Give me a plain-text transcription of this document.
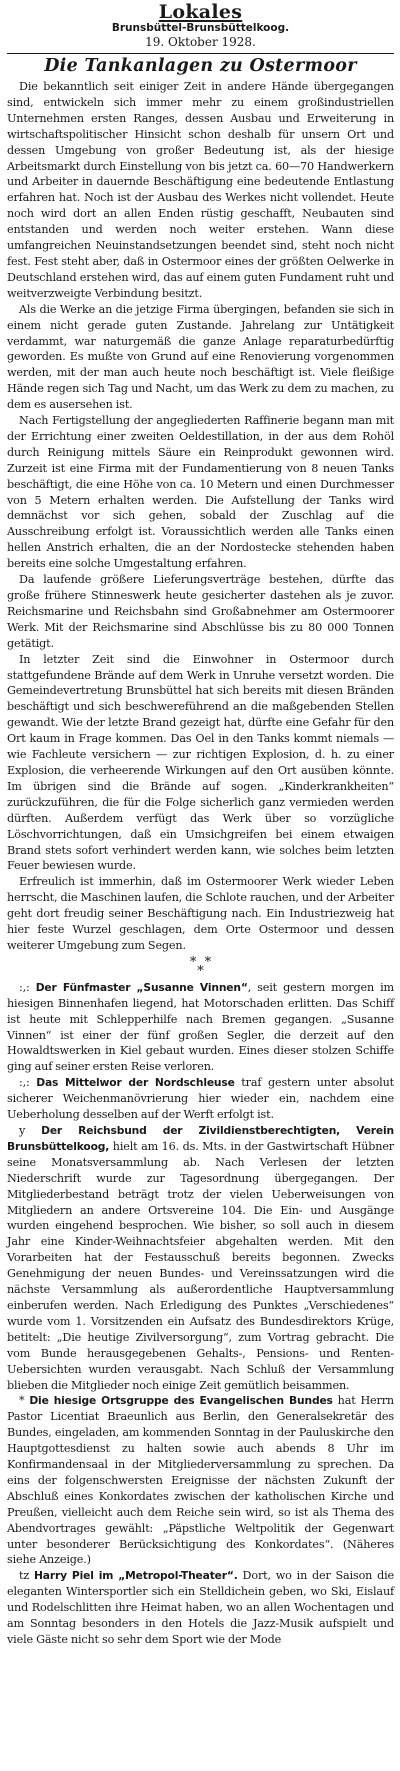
Lokales
Brunsbüttel-Brunsbüttelkoog.
19. Oktober 1928.
Die Tankanlagen zu Ostermoor

Die bekanntlich seit einiger Zeit in andere Hände übergegangen sind, entwickeln sich immer mehr zu einem großindustriellen Unternehmen ersten Ranges, dessen Ausbau und Erweiterung in wirtschaftspolitischer Hinsicht schon deshalb für unsern Ort und dessen Umgebung von großer Bedeutung ist, als der hiesige Arbeitsmarkt durch Einstellung von bis jetzt ca. 60—70 Handwerkern und Arbeiter in dauernde Beschäftigung eine bedeutende Entlastung erfahren hat. Noch ist der Ausbau des Werkes nicht vollendet. Heute noch wird dort an allen Enden rüstig geschafft, Neubauten sind entstanden und werden noch weiter erstehen. Wann diese umfangreichen Neuinstandsetzungen beendet sind, steht noch nicht fest. Fest steht aber, daß in Ostermoor eines der größten Oelwerke in Deutschland erstehen wird, das auf einem guten Fundament ruht und weitverzweigte Verbindung besitzt.

Als die Werke an die jetzige Firma übergingen, befanden sie sich in einem nicht gerade guten Zustande. Jahrelang zur Untätigkeit verdammt, war naturgemäß die ganze Anlage reparaturbedürftig geworden. Es mußte von Grund auf eine Renovierung vorgenommen werden, mit der man auch heute noch beschäftigt ist. Viele fleißige Hände regen sich Tag und Nacht, um das Werk zu dem zu machen, zu dem es ausersehen ist.

Nach Fertigstellung der angegliederten Raffinerie begann man mit der Errichtung einer zweiten Oeldestillation, in der aus dem Rohöl durch Reinigung mittels Säure ein Reinprodukt gewonnen wird. Zurzeit ist eine Firma mit der Fundamentierung von 8 neuen Tanks beschäftigt, die eine Höhe von ca. 10 Metern und einen Durchmesser von 5 Metern erhalten werden. Die Aufstellung der Tanks wird demnächst vor sich gehen, sobald der Zuschlag auf die Ausschreibung erfolgt ist. Voraussichtlich werden alle Tanks einen hellen Anstrich erhalten, die an der Nordostecke stehenden haben bereits eine solche Umgestaltung erfahren.

Da laufende größere Lieferungsverträge bestehen, dürfte das große frühere Stinneswerk heute gesicherter dastehen als je zuvor. Reichsmarine und Reichsbahn sind Großabnehmer am Ostermoorer Werk. Mit der Reichsmarine sind Abschlüsse bis zu 80 000 Tonnen getätigt.

In letzter Zeit sind die Einwohner in Ostermoor durch stattgefundene Brände auf dem Werk in Unruhe versetzt worden. Die Gemeindevertretung Brunsbüttel hat sich bereits mit diesen Bränden beschäftigt und sich beschwereführend an die maßgebenden Stellen gewandt. Wie der letzte Brand gezeigt hat, dürfte eine Gefahr für den Ort kaum in Frage kommen. Das Oel in den Tanks kommt niemals — wie Fachleute versichern — zur richtigen Explosion, d. h. zu einer Explosion, die verheerende Wirkungen auf den Ort ausüben könnte. Im übrigen sind die Brände auf sogen. „Kinderkrankheiten“ zurückzuführen, die für die Folge sicherlich ganz vermieden werden dürften. Außerdem verfügt das Werk über so vorzügliche Löschvorrichtungen, daß ein Umsichgreifen bei einem etwaigen Brand stets sofort verhindert werden kann, wie solches beim letzten Feuer bewiesen wurde.

Erfreulich ist immerhin, daß im Ostermoorer Werk wieder Leben herrscht, die Maschinen laufen, die Schlote rauchen, und der Arbeiter geht dort freudig seiner Beschäftigung nach. Ein Industriezweig hat hier feste Wurzel geschlagen, dem Orte Ostermoor und dessen weiterer Umgebung zum Segen.

*  *
*

:,: Der Fünfmaster „Susanne Vinnen“, seit gestern morgen im hiesigen Binnenhafen liegend, hat Motorschaden erlitten. Das Schiff ist heute mit Schlepperhilfe nach Bremen gegangen. „Susanne Vinnen“ ist einer der fünf großen Segler, die derzeit auf den Howaldtswerken in Kiel gebaut wurden. Eines dieser stolzen Schiffe ging auf seiner ersten Reise verloren.

:,: Das Mittelwor der Nordschleuse traf gestern unter absolut sicherer Weichenmanövrierung hier wieder ein, nachdem eine Ueberholung desselben auf der Werft erfolgt ist.

y Der Reichsbund der Zivildienstberechtigten, Verein Brunsbüttelkoog, hielt am 16. ds. Mts. in der Gastwirtschaft Hübner seine Monatsversammlung ab. Nach Verlesen der letzten Niederschrift wurde zur Tagesordnung übergegangen. Der Mitgliederbestand beträgt trotz der vielen Ueberweisungen von Mitgliedern an andere Ortsvereine 104. Die Ein- und Ausgänge wurden eingehend besprochen. Wie bisher, so soll auch in diesem Jahr eine Kinder-Weihnachtsfeier abgehalten werden. Mit den Vorarbeiten hat der Festausschuß bereits begonnen. Zwecks Genehmigung der neuen Bundes- und Vereinssatzungen wird die nächste Versammlung als außerordentliche Hauptversammlung einberufen werden. Nach Erledigung des Punktes „Verschiedenes“ wurde vom 1. Vorsitzenden ein Aufsatz des Bundesdirektors Krüge, betitelt: „Die heutige Zivilversorgung“, zum Vortrag gebracht. Die vom Bunde herausgegebenen Gehalts-, Pensions- und Renten-Uebersichten wurden verausgabt. Nach Schluß der Versammlung blieben die Mitglieder noch einige Zeit gemütlich beisammen.

* Die hiesige Ortsgruppe des Evangelischen Bundes hat Herrn Pastor Licentiat Braeunlich aus Berlin, den Generalsekretär des Bundes, eingeladen, am kommenden Sonntag in der Pauluskirche den Hauptgottesdienst zu halten sowie auch abends 8 Uhr im Konfirmandensaal in der Mitgliederversammlung zu sprechen. Da eins der folgenschwersten Ereignisse der nächsten Zukunft der Abschluß eines Konkordates zwischen der katholischen Kirche und Preußen, vielleicht auch dem Reiche sein wird, so ist als Thema des Abendvortrages gewählt: „Päpstliche Weltpolitik der Gegenwart unter besonderer Berücksichtigung des Konkordates“. (Näheres siehe Anzeige.)

tz Harry Piel im „Metropol-Theater“. Dort, wo in der Saison die eleganten Wintersportler sich ein Stelldichein geben, wo Ski, Eislauf und Rodelschlitten ihre Heimat haben, wo an allen Wochentagen und am Sonntag besonders in den Hotels die Jazz-Musik aufspielt und viele Gäste nicht so sehr dem Sport wie der Mode
